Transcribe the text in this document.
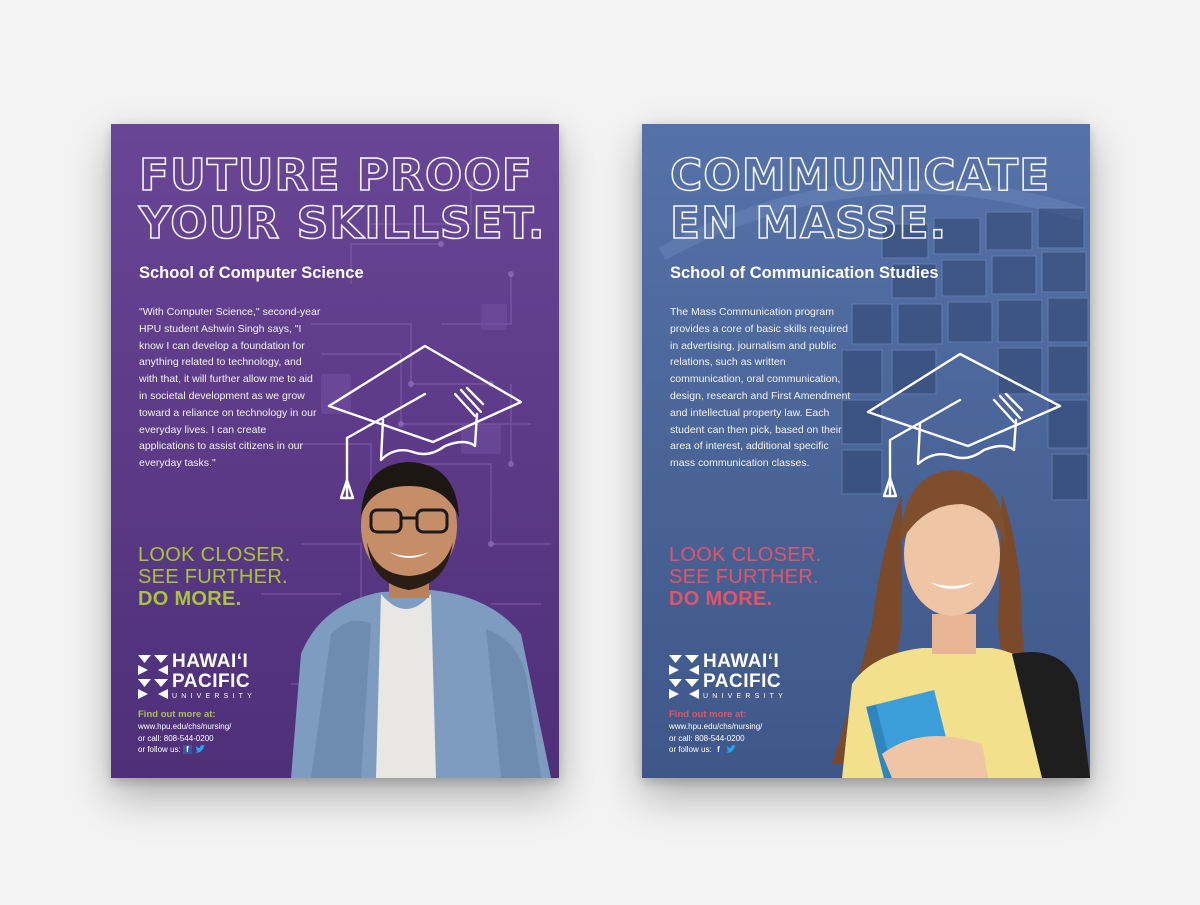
FUTURE PROOF
YOUR SKILLSET.
School of Computer Science

"With Computer Science," second-year HPU student Ashwin Singh says, "I know I can develop a foundation for anything related to technology, and with that, it will further allow me to aid in societal development as we grow toward a reliance on technology in our everyday lives. I can create applications to assist citizens in our everyday tasks."

LOOK CLOSER.
SEE FURTHER.
DO MORE.
HAWAI‘I
PACIFIC
UNIVERSITY
Find out more at:
www.hpu.edu/chs/nursing/
or call: 808-544-0200
or follow us: f
COMMUNICATE
EN MASSE.
School of Communication Studies

The Mass Communication program provides a core of basic skills required in advertising, journalism and public relations, such as written communication, oral communication, design, research and First Amendment and intellectual property law. Each student can then pick, based on their area of interest, additional specific mass communication classes.

LOOK CLOSER.
SEE FURTHER.
DO MORE.
HAWAI‘I
PACIFIC
UNIVERSITY
Find out more at:
www.hpu.edu/chs/nursing/
or call: 808-544-0200
or follow us: f
